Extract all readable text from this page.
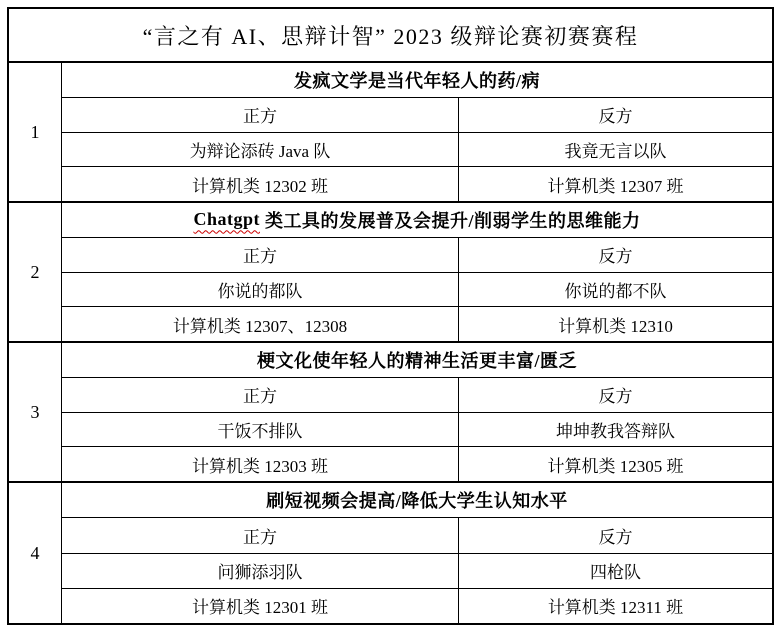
“言之有 AI、思辩计智” 2023 级辩论赛初赛赛程
1
发疯文学是当代年轻人的药/病
正方	反方
为辩论添砖 Java 队	我竟无言以队
计算机类 12302 班	计算机类 12307 班
2
Chatgpt 类工具的发展普及会提升/削弱学生的思维能力
正方	反方
你说的都队	你说的都不队
计算机类 12307、12308	计算机类 12310
3
梗文化使年轻人的精神生活更丰富/匮乏
正方	反方
干饭不排队	坤坤教我答辩队
计算机类 12303 班	计算机类 12305 班
4
刷短视频会提高/降低大学生认知水平
正方	反方
问狮添羽队	四枪队
计算机类 12301 班	计算机类 12311 班
